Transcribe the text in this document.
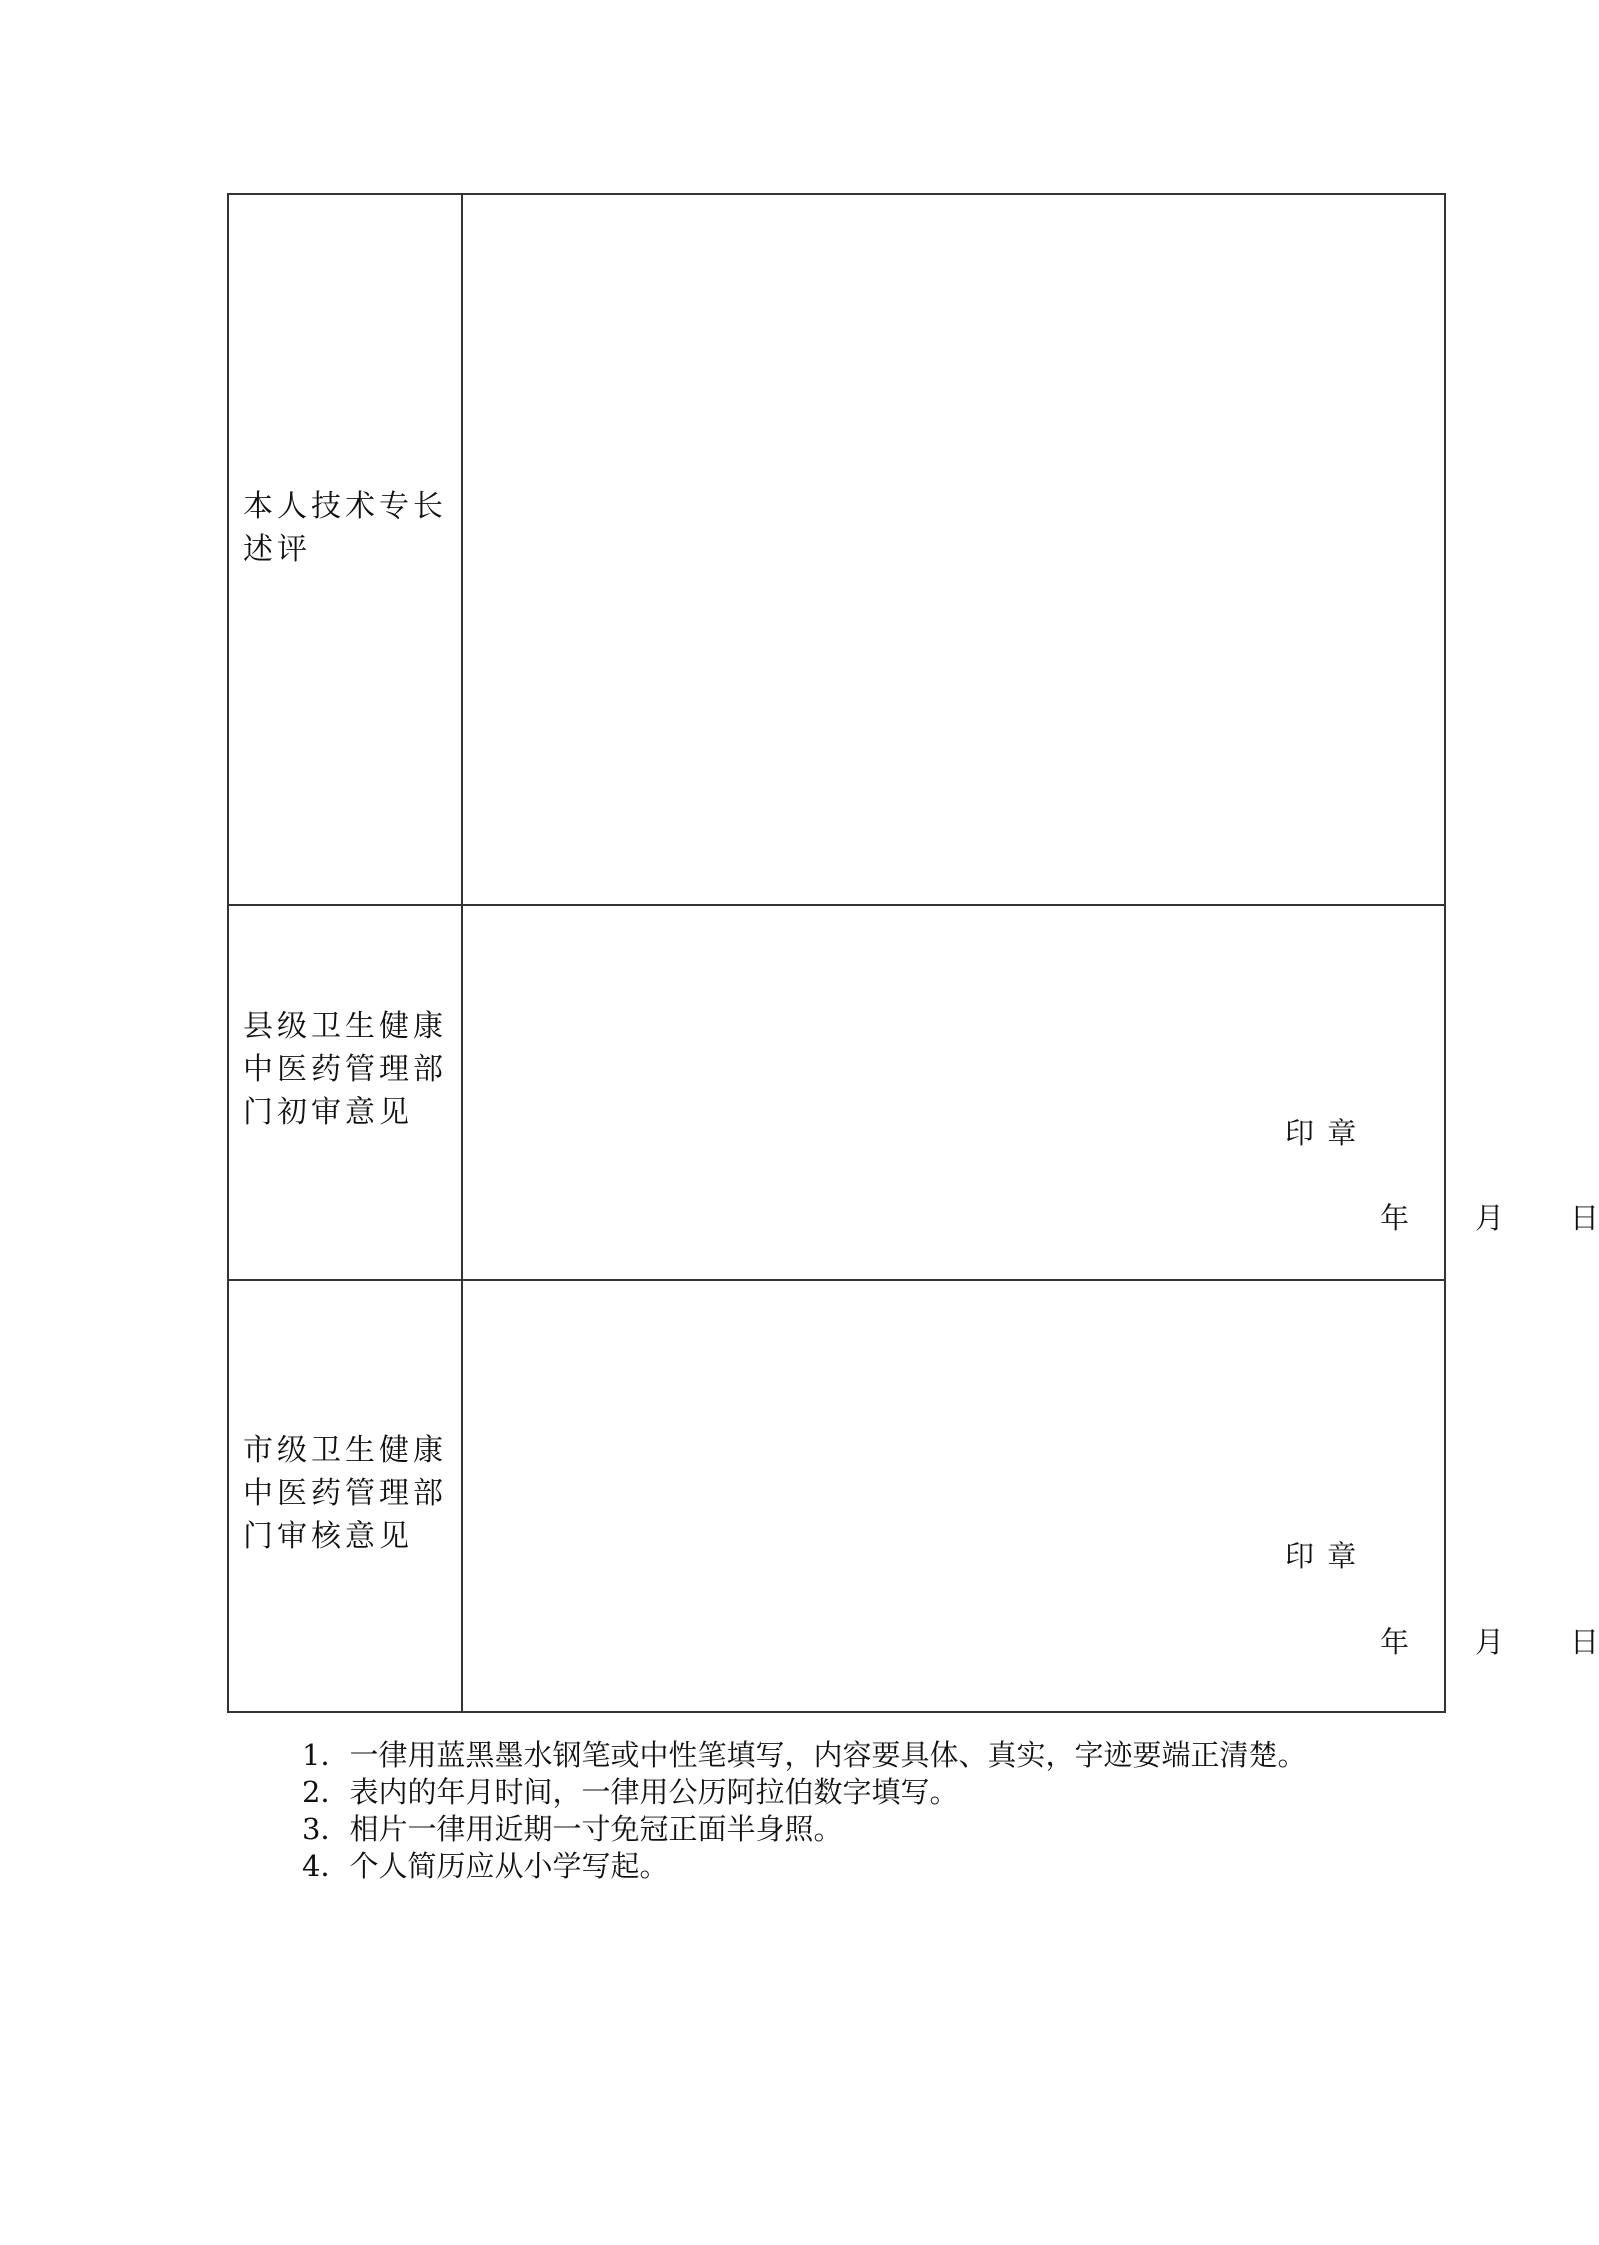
本人技术专长述评
县级卫生健康中医药管理部门初审意见
印 章
年 月 日
市级卫生健康中医药管理部门审核意见
印 章
年 月 日

1．一律用蓝黑墨水钢笔或中性笔填写，内容要具体、真实，字迹要端正清楚。

2．表内的年月时间，一律用公历阿拉伯数字填写。

3．相片一律用近期一寸免冠正面半身照。

4．个人简历应从小学写起。
